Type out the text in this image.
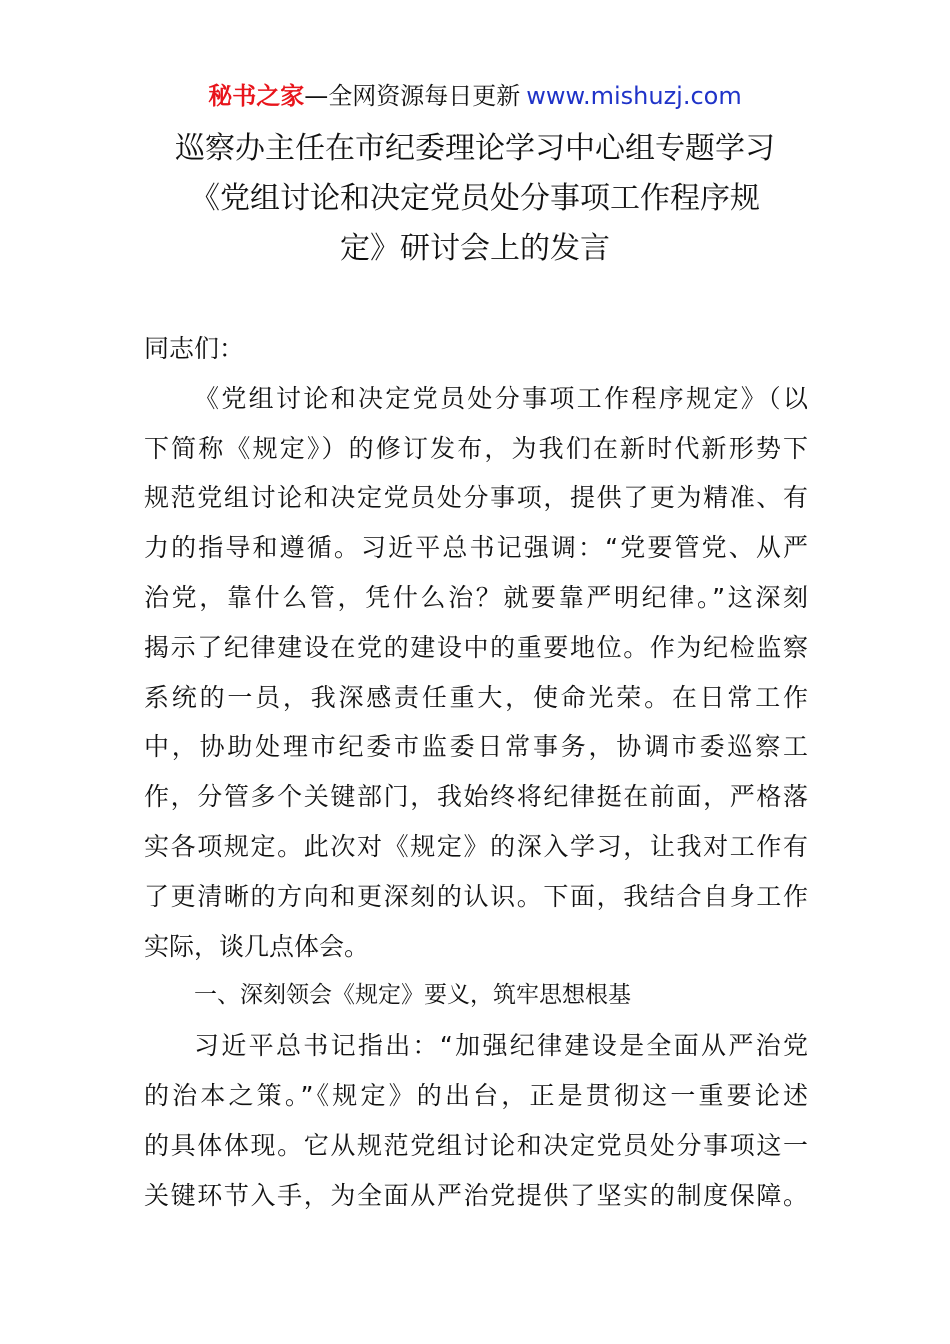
秘书之家—全网资源每日更新 www.mishuzj.com
巡察办主任在市纪委理论学习中心组专题学习
《党组讨论和决定党员处分事项工作程序规
定》研讨会上的发言
同志们：
《党组讨论和决定党员处分事项工作程序规定》（以
下简称《规定》）的修订发布，为我们在新时代新形势下
规范党组讨论和决定党员处分事项，提供了更为精准、有
力的指导和遵循。习近平总书记强调：“党要管党、从严
治党，靠什么管，凭什么治？就要靠严明纪律。”这深刻
揭示了纪律建设在党的建设中的重要地位。作为纪检监察
系统的一员，我深感责任重大，使命光荣。在日常工作
中，协助处理市纪委市监委日常事务，协调市委巡察工
作，分管多个关键部门，我始终将纪律挺在前面，严格落
实各项规定。此次对《规定》的深入学习，让我对工作有
了更清晰的方向和更深刻的认识。下面，我结合自身工作
实际，谈几点体会。
一、深刻领会《规定》要义，筑牢思想根基
习近平总书记指出：“加强纪律建设是全面从严治党
的治本之策。”《规定》的出台，正是贯彻这一重要论述
的具体体现。它从规范党组讨论和决定党员处分事项这一
关键环节入手，为全面从严治党提供了坚实的制度保障。
